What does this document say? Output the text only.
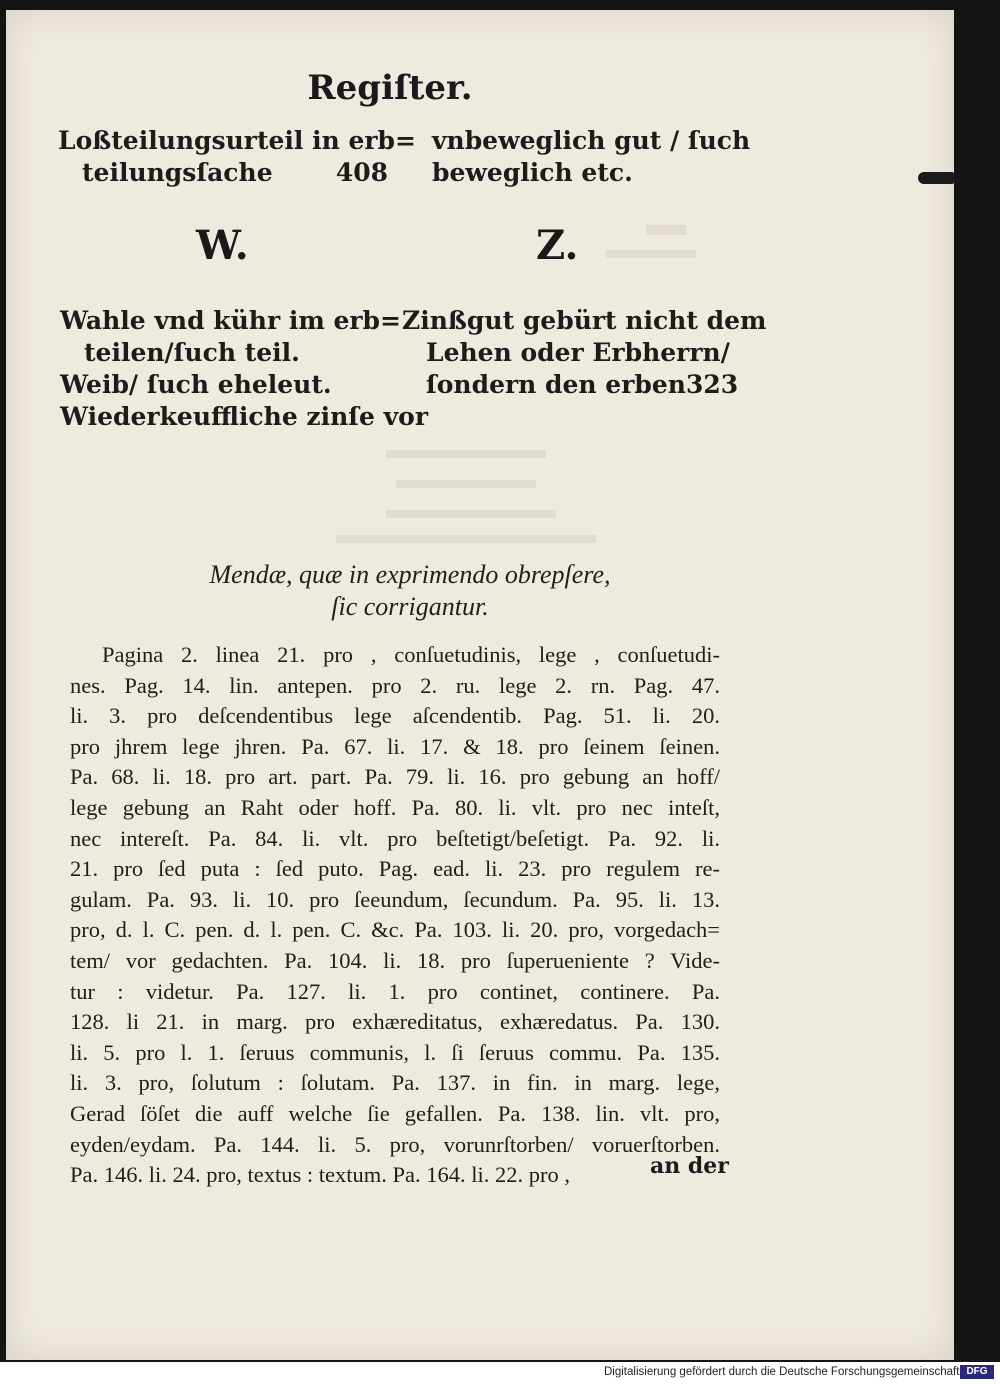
Regiſter.
Loßteilungsurteil in erb=
teilungsſache	408
vnbeweglich gut / ſuch
beweglich etc.
W.	Z.
Wahle vnd kühr im erb=
teilen/ſuch teil.
Weib/ ſuch eheleut.
Wiederkeuffliche zinſe vor
Zinßgut gebürt nicht dem
Lehen oder Erbherrn/
ſondern den erben 323
Mendæ, quæ in exprimendo obrepſere,
ſic corrigantur.
Pagina 2. linea 21. pro , conſuetudinis, lege , conſuetudi-
nes. Pag. 14. lin. antepen. pro 2. ru. lege 2. rn. Pag. 47.
li. 3. pro deſcendentibus lege aſcendentib. Pag. 51. li. 20.
pro jhrem lege jhren. Pa. 67. li. 17. & 18. pro ſeinem ſeinen.
Pa. 68. li. 18. pro art. part. Pa. 79. li. 16. pro gebung an hoff/
lege gebung an Raht oder hoff. Pa. 80. li. vlt. pro nec inteſt,
nec intereſt. Pa. 84. li. vlt. pro beſtetigt/beſetigt. Pa. 92. li.
21. pro ſed puta : ſed puto. Pag. ead. li. 23. pro regulem re-
gulam. Pa. 93. li. 10. pro ſeeundum, ſecundum. Pa. 95. li. 13.
pro, d. l. C. pen. d. l. pen. C. &c. Pa. 103. li. 20. pro, vorgedach=
tem/ vor gedachten. Pa. 104. li. 18. pro ſuperueniente ? Vide-
tur : videtur. Pa. 127. li. 1. pro continet, continere. Pa.
128. li 21. in marg. pro exhæreditatus, exhæredatus. Pa. 130.
li. 5. pro l. 1. ſeruus communis, l. ſi ſeruus commu. Pa. 135.
li. 3. pro, ſolutum : ſolutam. Pa. 137. in fin. in marg. lege,
Gerad ſöſet die auff welche ſie gefallen. Pa. 138. lin. vlt. pro,
eyden/eydam. Pa. 144. li. 5. pro, vorunrſtorben/ voruerſtorben.
Pa. 146. li. 24. pro, textus : textum. Pa. 164. li. 22. pro ,	an der
Digitalisierung gefördert durch die Deutsche Forschungsgemeinschaft DFG
